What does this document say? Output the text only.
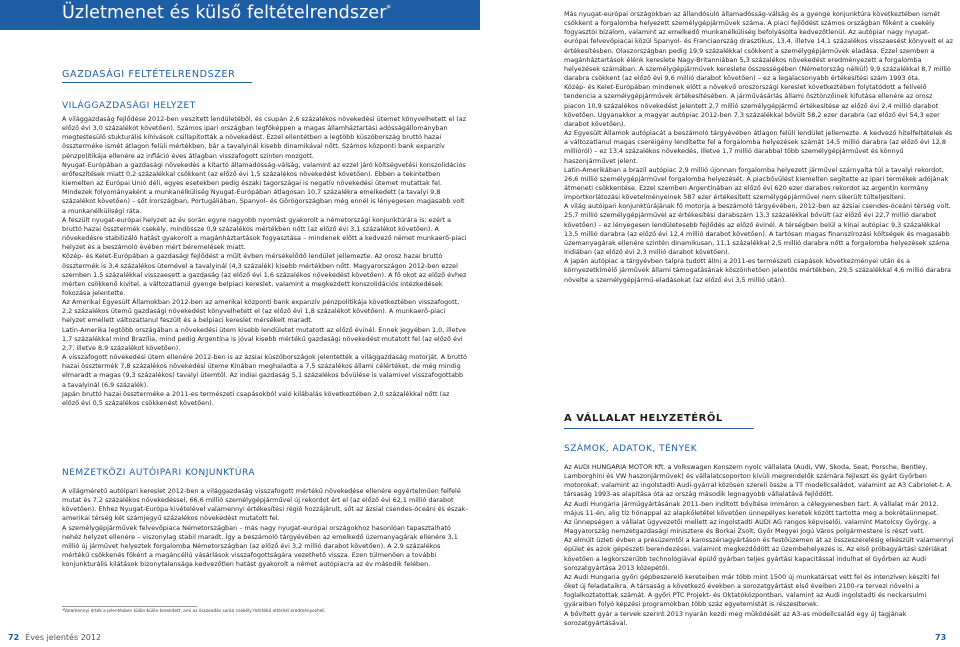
Üzletmenet és külső feltételrendszer*
GAZDASÁGI FELTÉTELRENDSZER
VILÁGGAZDASÁGI HELYZET

A világgazdaság fejlődése 2012-ben veszített lendületéből, és csupán 2,6 százalékos növekedési ütemet könyvelhetett el (az előző évi 3,0 százalékot követően). Számos ipari országban legfőképpen a magas államháztartási adósságállományban megtestesülő stukturális kihívások csillapították a növekedést. Ezzel ellentétben a legtöbb küszöbország bruttó hazai össztermékе ismét átlagon felüli mértékben, bár a tavalyinál kisebb dinamikával nőtt. Számos központi bank expanzív pénzpolitikája ellenére az infláció éves átlagban visszafogott szinten mozgott.

Nyugat-Európában a gazdasági növekedés a kitartó államadósság-válság, valamint az ezzel járó költségvetési konszolidációs erőfeszítések miatt 0,2 százalékkal csökkent (az előző évi 1,5 százalékos növekedést követően). Ebben a tekintetben kiemelten az Európai Unió déli, egyes esetekben pedig északi tagországai is negatív növekedési ütemet mutattak fel. Mindezek folyományaként a munkanélküliség Nyugat-Európában átlagosan 10,7 százalékra emelkedett (a tavalyi 9,8 százalékot követően) – sőt Írországban, Portugáliában, Spanyol- és Görögországban még ennél is lényegesen magasabb volt a munkanélküliségi ráta.

A feszült nyugat-európai helyzet az év során egyre nagyobb nyomást gyakorolt a németországi konjunktúrára is; ezért a bruttó hazai össztermék csekély, mindössze 0,9 százalékos mértékben nőtt (az előző évi 3,1 százalékot követően). A növekedésre stabilizáló hatást gyakorolt a magánháztartások fogyasztása – mindenek előtt a kedvező német munkaerő-piaci helyzet és a beszámoló évében mért béremelések miatt.

Közép- és Kelet-Európában a gazdasági fejlődést a műlt évben mérsékelődő lendület jellemezte. Az orosz hazai bruttó össztermék is 3,4 százalékos ütemével a tavalyinál (4,3 százalék) kisebb mértékben nőtt. Magyarországon 2012-ben ezzel szemben 1,5 százalékkal visszaesett a gazdaság (az előző évi 1,6 százalékos növekedést követően). A fő okot az előző évhez mérten csökkenő kivitel, a változatlanul gyenge belpiaci kereslet, valamint a megkezdett konszolidációs intézkedések fokozása jelentette.

Az Amerikai Egyesült Államokban 2012-ben az amerikai központi bank expanzív pénzpolitikája következtében visszafogott, 2,2 százalékos ütemű gazdasági növekedést könyvelhetett el (az előző évi 1,8 százalékot követően). A munkaerő-piaci helyzet emellett változatlanul feszült és a belpiaci kereslet mérsékelt maradt.

Latin-Amerika legtöbb országában a növekedési ütem kisebb lendületet mutatott az előző évinél. Ennek jegyében 1,0, illetve 1,7 százalékkal mind Brazília, mind pedig Argentína is jóval kisebb mértékű gazdasági növekedést mutatott fel (az előző évi 2,7, illetve 8,9 százalékot követően).

A visszafogott növekedési ütem ellenére 2012-ben is az ázsiai küszöbországok jelentették a világgazdaság motorját. A bruttó hazai össztermék 7,8 százalékos növekedési üteme Kínában meghaladta a 7,5 százalékos állami célértéket, de még mindig elmaradt a magas (9,3 százalékos) tavalyi ütemtől. Az indiai gazdaság 5,1 százalékos bővülése is valamivel visszafogottabb a tavalyinál (6,9 százalék).

Japán bruttó hazai össztermékе a 2011-es természeti csapásokból való kilábalás következtében 2,0 százalékkal nőtt (az előző évi 0,5 százalékos csökkenést követően).

NEMZETKÖZI AUTÓIPARI KONJUNKTÚRA

A világméretű autóipari kereslet 2012-ben a világgazdaság visszafogott mértékű növekedése ellenére egyértelműen felfelé mutat és 7,2 százalékos növekedéssel, 66,6 millió személygépjárművel új rekordot ért el (az előző évi 62,1 millió darabot követően). Ehhez Nyugat-Európa kivételével valamennyi értékesítési régió hozzájárult, sőt az ázsiai csendes-óceáni és észak-amerikai térség két számjegyű százalékos növekedést mutatott fel.

A személygépjárművek felvevőpiaca Németországban – más nagy nyugat-európai országokhoz hasonlóan tapasztalható nehéz helyzet ellenére – viszonylag stabil maradt. Így a beszámoló tárgyévében az emelkedő üzemanyagárak ellenére 3,1 millió új járművet helyeztek forgalomba Németországban (az előző évi 3,2 millió darabot követően). A 2,9 százalékos mértékű csökkenés főként a magáncéllú vásárlások visszafogottságára vezethető vissza. Ezen túlmenően a további konjunkturális kilátások bizonytalansága kedvezőtlen hatást gyakorolt a német autópiacra az év második felében.

*Valamennyi érték a jelentésben külön-külön kerekített, ami az összeadás során csekély mértékű eltérést eredményezhet.

Más nyugat-európai országokban az állandósuló államadósság-válság és a gyenge konjunktúra következtében ismét csökkent a forgalomba helyezett személygépjárművek száma. A piaci fejlődést számos országban főként a csekély fogyasztói bizalom, valamint az emelkedő munkanélküliség befolyásolta kedvezőtlenül. Az autópiar nagy nyugat-európai felvevőpiacai közül Spanyol- és Franciaország drasztikus, 13,4, illetve 14,1 százalékos visszaesést könyvelt el az értékesítésben, Olaszországban pedig 19,9 százalékkal csökkent a személygépjárművek eladása. Ezzel szemben a magánháztartások élénk kereslete Nagy-Britanniában 5,3 százalékos növekedést eredményezett a forgalomba helyezések számában. A személygépjárművek kereslete összességében (Németország nélkül) 9,9 százalékkal 8,7 millió darabra csökkent (az előző évi 9,6 millió darabot követően) – ez a legalacsonyabb értékesítési szám 1993 óta.

Közép- és Kelet-Európában mindenek előtt a növekvő oroszországi kereslet következtében folytatódott a felívelő tendencia a személygépjárművek értékesítésében. A járművásárlás állami ösztönzőinek kifutása ellenére az orosz piacon 10,9 százalékos növekedést jelentett 2,7 millió személygépjármű értékesítése az előző évi 2,4 millió darabot követően. Ugyanakkor a magyar autópiac 2012-ben 7,3 százalékkal bővült 58,2 ezer darabra (az előző évi 54,3 ezer darabot követően).

Az Egyesült Államok autópiacát a beszámoló tárgyévében átlagon felüli lendület jellemezte. A kedvező hitelfeltételek és a változatlanul magas cseréigény lendítette fel a forgalomba helyezések számát 14,5 millió darabra (az előző évi 12,8 millióról) – ez 13,4 százalékos növekedés, illetve 1,7 millió darabbal több személygépjárművet és könnyű haszonjárművet jelent.

Latin-Amerikában a brazil autópiac 2,9 millió újonnan forgalomba helyezett járművel szárnyalta túl a tavalyi rekordot, 26,6 millió személygépjárművel forgalomba helyezését. A piacbővülést kiemelten segítette az ipari termékek adójának átmeneti csökkentése. Ezzel szemben Argentínában az előző évi 620 ezer darabos rekordot az argentin kormány importkorlátozási követelményeinek 587 ezer értékesített személygépjárművel nem sikerült túlteljesíteni.

A világ autóipari konjunktúrájának fő motorja a beszámoló tárgyévében, 2012-ben az ázsiai csendes-óceáni térség volt. 25,7 millió személygépjárművel az értékesítési darabszám 13,3 százalékkal bővült (az előző évi 22,7 millió darabot követően) – ez lényegesen lendületesebb fejlődés az előző évinél. A térségben belül a kínai autópiac 9,3 százalékkal 13,5 millió darabra (az előző évi 12,4 millió darabot követően). A tartósan magas finanszírozási költségek és magasabb üzemanyagárak ellenére szintén dinamikusan, 11,1 százalékkal 2,5 millió darabra nőtt a forgalomba helyezések száma Indiában (az előző évi 2,3 millió darabot követően).

A japán autópiac a tárgyévben talpra tudott állni a 2011-es természeti csapások következményei után és a környezetkímélő járművek állami támogatásának köszönhetően jelentős mértékben, 29,5 százalékkal 4,6 millió darabra növelte a személygépjármű-eladásokat (az előző évi 3,5 millió után).

A VÁLLALAT HELYZETÉRŐL
SZÁMOK, ADATOK, TÉNYEK

Az AUDI HUNGARIA MOTOR Kft. a Volkswagen Konszern nyolc vállalata (Audi, VW, Skoda, Seat, Porsche, Bentley, Lamborghini és VW haszonjárművek) és vállalatcsoporton kívüli megrendelők számára fejleszt és gyárt Győrben motorokat, valamint az ingolstadti Audi-gyárral közösen szereli össze a TT modellcsaládot, valamint az A3 Cabriolet-t. A társaság 1993-as alapítása óta az ország második legnagyobb vállalatává fejlődött.

Az Audi Hungaria járműgyártásának 2011-ben indított bővítése immáron a célegyenesben tart. A vállalat már 2012. május 11-én, alig tíz hónappal az alapkőletétel követően ünnepélyes keretek között tartotta meg a bokrétaünnepet.

Az ünnepségen a vállalat ügyvezetői mellett az ingolstadti AUDI AG rangos képviselői, valamint Matolcsy György, a Magyarország nemzetgazdasági minisztere és Borkai Zsolt, Győr Megyei Jogú Város polgármestere is részt vett.

Az elmúlt üzleti évben a présüzemtől a karosszériagyártáson és festőüzemen át az összeszerelésig elkészült valamennyi épület és azok gépészeti berendezései, valamint megkezdődött az üzembehelyezés is. Az első próbagyártási szériákat követően a legkorszerűbb technológiával épülő gyárban teljes gyártási kapacitással indulhat el Győrben az Audi sorozatgyártása 2013 közepétől.

Az Audi Hungaria győri gépbeszerelő kereteiben már több mint 1500 új munkatársat vett fel és intenzíven készíti fel őket új feladataikra. A társaság a következő években a sorozatgyártást első éveiben 2100-ra tervezi növelni a foglalkoztatottak számát. A győri PTC Projekt- és Oktatóközpontban, valamint az Audi ingolstadti és neckarsulmi gyáraiban folyó képzési programokban több száz egyetemistát is részesítenek.

A bővített gyár a tervek szerint 2013 nyarán kezdi meg működését az A3-as modellcsalád egy új tagjának sorozatgyártásával.

72 Éves jelentés 2012	73
